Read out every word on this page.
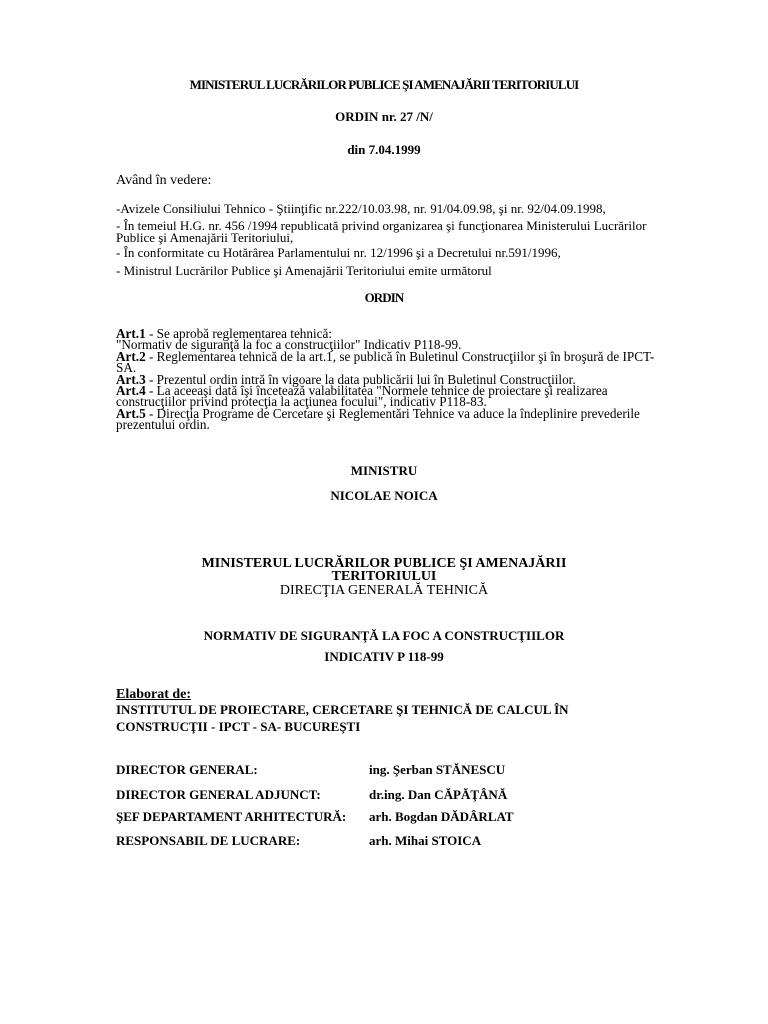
MINISTERUL LUCRĂRILOR PUBLICE ŞI AMENAJĂRII TERITORIULUI
ORDIN nr. 27 /N/
din 7.04.1999
Având în vedere:
-Avizele Consiliului Tehnico - Ştiinţific nr.222/10.03.98, nr. 91/04.09.98, şi nr. 92/04.09.1998,
- În temeiul H.G. nr. 456 /1994 republicată privind organizarea şi funcţionarea Ministerului Lucrărilor
Publice şi Amenajării Teritoriului,
- În conformitate cu Hotărârea Parlamentului nr. 12/1996 şi a Decretului nr.591/1996,
- Ministrul Lucrărilor Publice şi Amenajării Teritoriului emite următorul
ORDIN

Art.1 - Se aprobă reglementarea tehnică:
"Normativ de siguranţă la foc a construcţiilor" Indicativ P118-99.

Art.2 - Reglementarea tehnică de la art.1, se publică în Buletinul Construcţiilor şi în broşură de IPCT-
SA.

Art.3 - Prezentul ordin intră în vigoare la data publicării lui în Buletinul Construcţiilor.

Art.4 - La aceeaşi dată îşi încetează valabilitatea "Normele tehnice de proiectare şi realizarea
construcţiilor privind protecţia la acţiunea focului", indicativ P118-83.

Art.5 - Direcţia Programe de Cercetare şi Reglementări Tehnice va aduce la îndeplinire prevederile
prezentului ordin.

MINISTRU
NICOLAE NOICA
MINISTERUL LUCRĂRILOR PUBLICE ŞI AMENAJĂRII
TERITORIULUI
DIRECŢIA GENERALĂ TEHNICĂ
NORMATIV DE SIGURANŢĂ LA FOC A CONSTRUCŢIILOR
INDICATIV P 118-99
Elaborat de:
INSTITUTUL DE PROIECTARE, CERCETARE ŞI TEHNICĂ DE CALCUL ÎN
CONSTRUCŢII - IPCT - SA- BUCUREŞTI
DIRECTOR GENERAL:	ing. Şerban STĂNESCU
DIRECTOR GENERAL ADJUNCT:	dr.ing. Dan CĂPĂŢÂNĂ
ŞEF DEPARTAMENT ARHITECTURĂ: arh. Bogdan DĂDÂRLAT
RESPONSABIL DE LUCRARE:	arh. Mihai STOICA
